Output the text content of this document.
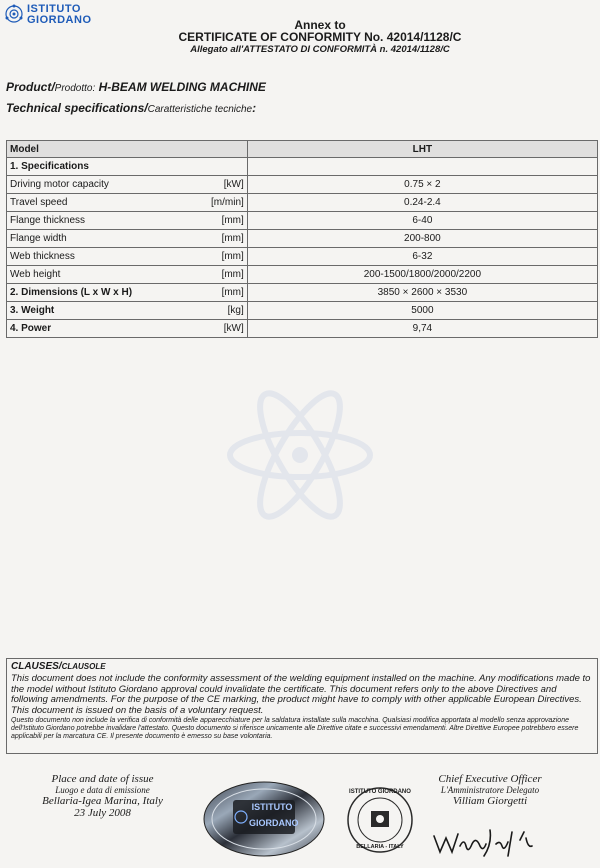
ISTITUTO
GIORDANO	Annex to
CERTIFICATE OF CONFORMITY No. 42014/1128/C
Allegato all'ATTESTATO DI CONFORMITÀ n. 42014/1128/C
Product/Prodotto: H-BEAM WELDING MACHINE
Technical specifications/Caratteristiche tecniche:
Model		LHT
1. Specifications		
Driving motor capacity	[kW]	0.75 × 2
Travel speed	[m/min]	0.24-2.4
Flange thickness	[mm]	6-40
Flange width	[mm]	200-800
Web thickness	[mm]	6-32
Web height	[mm]	200-1500/1800/2000/2200
2. Dimensions (L x W x H)	[mm]	3850 × 2600 × 3530
3. Weight	[kg]	5000
4. Power	[kW]	9,74
CLAUSES/CLAUSOLE
This document does not include the conformity assessment of the welding equipment installed on the machine. Any modifications made to the model without Istituto Giordano approval could invalidate the certificate. This document refers only to the above Directives and following amendments. For the purpose of the CE marking, the product might have to comply with other applicable European Directives. This document is issued on the basis of a voluntary request.
Questo documento non include la verifica di conformità delle apparecchiature per la saldatura installate sulla macchina. Qualsiasi modifica apportata al modello senza approvazione dell'Istituto Giordano potrebbe invalidare l'attestato. Questo documento si riferisce unicamente alle Direttive citate e successivi emendamenti. Altre Direttive Europee potrebbero essere applicabili per la marcatura CE. Il presente documento è emesso su base volontaria.
Place and date of issue
Luogo e data di emissione
Bellaria-Igea Marina, Italy
23 July 2008	ISTITUTO
GIORDANO
ISTITUTO GIORDANO
BELLARIA - ITALY
Chief Executive Officer
L'Amministratore Delegato
Villiam Giorgetti
